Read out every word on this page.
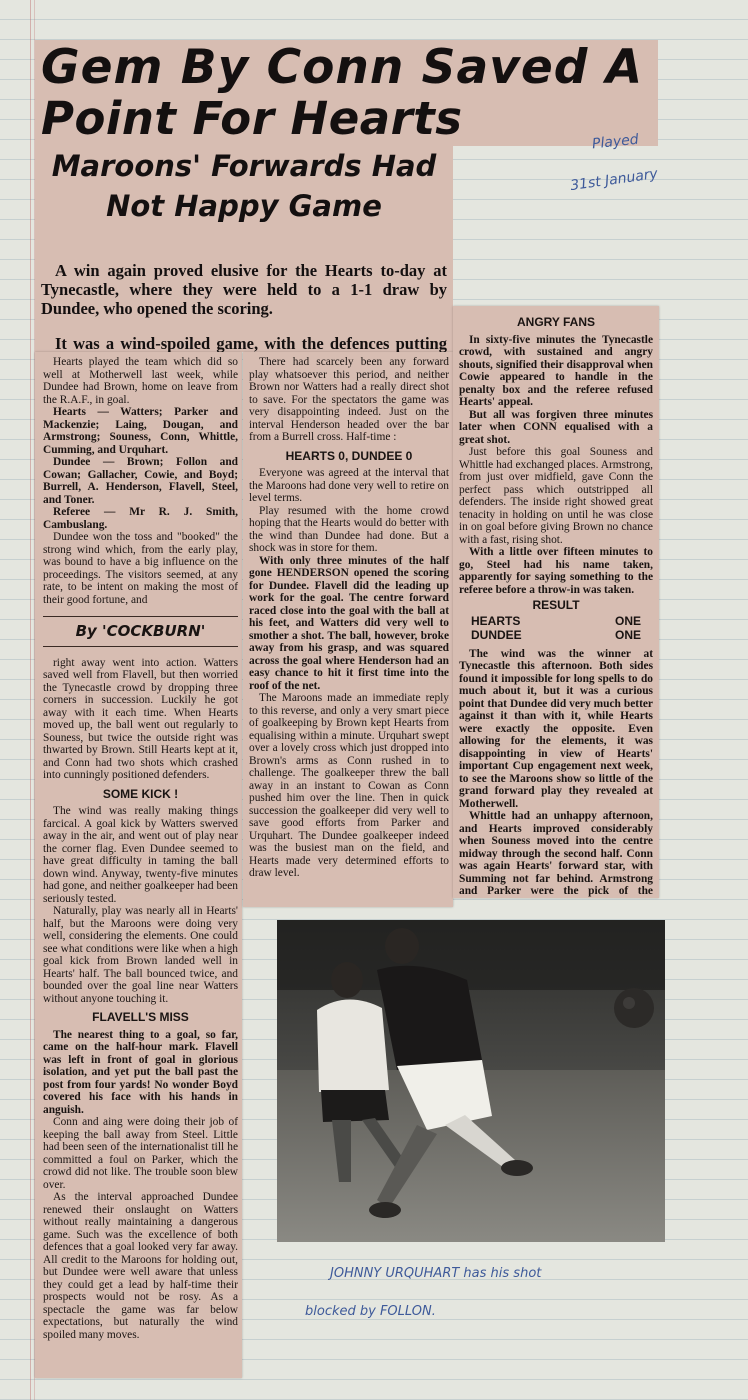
Gem By Conn Saved A
Point For Hearts
Maroons' Forwards Had
Not Happy Game

A win again proved elusive for the Hearts to-day at Tynecastle, where they were held to a 1-1 draw by Dundee, who opened the scoring.

It was a wind-spoiled game, with the defences putting

Hearts played the team which did so well at Motherwell last week, while Dundee had Brown, home on leave from the R.A.F., in goal.

Hearts — Watters; Parker and Mackenzie; Laing, Dougan, and Armstrong; Souness, Conn, Whittle, Cumming, and Urquhart.

Dundee — Brown; Follon and Cowan; Gallacher, Cowie, and Boyd; Burrell, A. Henderson, Flavell, Steel, and Toner.

Referee — Mr R. J. Smith, Cambuslang.

Dundee won the toss and "booked" the strong wind which, from the early play, was bound to have a big influence on the proceedings. The visitors seemed, at any rate, to be intent on making the most of their good fortune, and

By 'COCKBURN'

right away went into action. Watters saved well from Flavell, but then worried the Tynecastle crowd by dropping three corners in succession. Luckily he got away with it each time. When Hearts moved up, the ball went out regularly to Souness, but twice the outside right was thwarted by Brown. Still Hearts kept at it, and Conn had two shots which crashed into cunningly positioned defenders.

SOME KICK !

The wind was really making things farcical. A goal kick by Watters swerved away in the air, and went out of play near the corner flag. Even Dundee seemed to have great difficulty in taming the ball down wind. Anyway, twenty-five minutes had gone, and neither goalkeeper had been seriously tested.

Naturally, play was nearly all in Hearts' half, but the Maroons were doing very well, considering the elements. One could see what conditions were like when a high goal kick from Brown landed well in Hearts' half. The ball bounced twice, and bounded over the goal line near Watters without anyone touching it.

FLAVELL'S MISS

The nearest thing to a goal, so far, came on the half-hour mark. Flavell was left in front of goal in glorious isolation, and yet put the ball past the post from four yards! No wonder Boyd covered his face with his hands in anguish.

Conn and aing were doing their job of keeping the ball away from Steel. Little had been seen of the internationalist till he committed a foul on Parker, which the crowd did not like. The trouble soon blew over.

As the interval approached Dundee renewed their onslaught on Watters without really maintaining a dangerous game. Such was the excellence of both defences that a goal looked very far away. All credit to the Maroons for holding out, but Dundee were well aware that unless they could get a lead by half-time their prospects would not be rosy. As a spectacle the game was far below expectations, but naturally the wind spoiled many moves.

There had scarcely been any forward play whatsoever this period, and neither Brown nor Watters had a really direct shot to save. For the spectators the game was very disappointing indeed. Just on the interval Henderson headed over the bar from a Burrell cross. Half-time :

HEARTS 0, DUNDEE 0

Everyone was agreed at the interval that the Maroons had done very well to retire on level terms.

Play resumed with the home crowd hoping that the Hearts would do better with the wind than Dundee had done. But a shock was in store for them.

With only three minutes of the half gone HENDERSON opened the scoring for Dundee. Flavell did the leading up work for the goal. The centre forward raced close into the goal with the ball at his feet, and Watters did very well to smother a shot. The ball, however, broke away from his grasp, and was squared across the goal where Henderson had an easy chance to hit it first time into the roof of the net.

The Maroons made an immediate reply to this reverse, and only a very smart piece of goalkeeping by Brown kept Hearts from equalising within a minute. Urquhart swept over a lovely cross which just dropped into Brown's arms as Conn rushed in to challenge. The goalkeeper threw the ball away in an instant to Cowan as Conn pushed him over the line. Then in quick succession the goalkeeper did very well to save good efforts from Parker and Urquhart. The Dundee goalkeeper indeed was the busiest man on the field, and Hearts made very determined efforts to draw level.

ANGRY FANS

In sixty-five minutes the Tynecastle crowd, with sustained and angry shouts, signified their disapproval when Cowie appeared to handle in the penalty box and the referee refused Hearts' appeal.

But all was forgiven three minutes later when CONN equalised with a great shot.

Just before this goal Souness and Whittle had exchanged places. Armstrong, from just over midfield, gave Conn the perfect pass which outstripped all defenders. The inside right showed great tenacity in holding on until he was close in on goal before giving Brown no chance with a fast, rising shot.

With a little over fifteen minutes to go, Steel had his name taken, apparently for saying something to the referee before a throw-in was taken.

RESULT
HEARTS	ONE
DUNDEE	ONE

The wind was the winner at Tynecastle this afternoon. Both sides found it impossible for long spells to do much about it, but it was a curious point that Dundee did very much better against it than with it, while Hearts were exactly the opposite. Even allowing for the elements, it was disappointing in view of Hearts' important Cup engagement next week, to see the Maroons show so little of the grand forward play they revealed at Motherwell.

Whittle had an unhappy afternoon, and Hearts improved considerably when Souness moved into the centre midway through the second half. Conn was again Hearts' forward star, with Summing not far behind. Armstrong and Parker were the pick of the

Played
31st January
JOHNNY URQUHART has his shot
blocked by FOLLON.
